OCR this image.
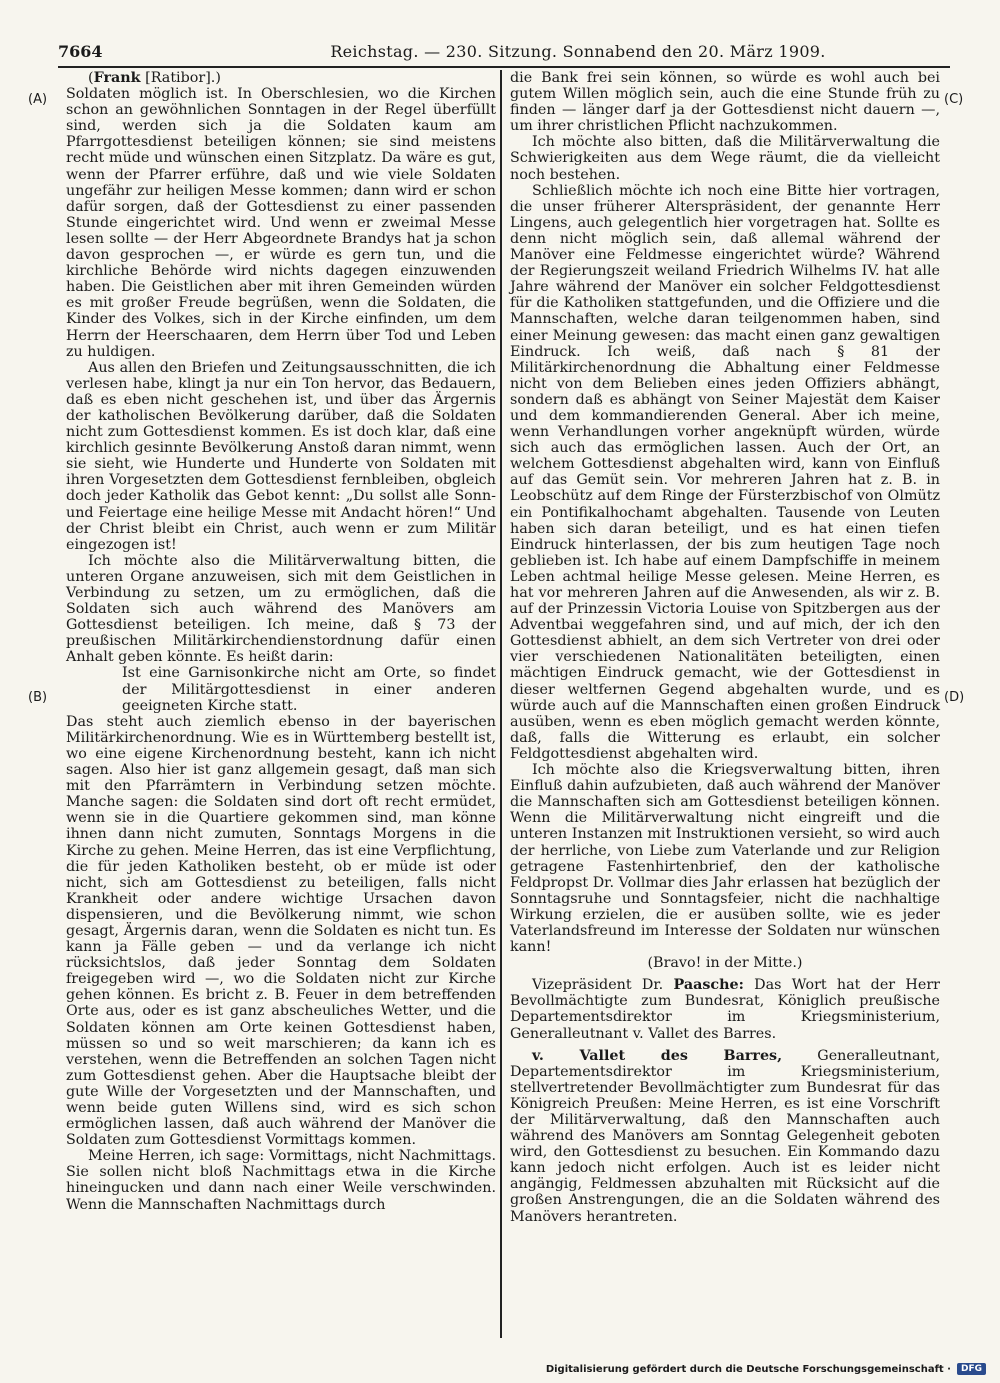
7664	Reichstag. — 230. Sitzung. Sonnabend den 20. März 1909.
(A)
(B)
(C)
(D)

(Frank [Ratibor].)

Soldaten möglich ist. In Oberschlesien, wo die Kirchen schon an gewöhnlichen Sonntagen in der Regel überfüllt sind, werden sich ja die Soldaten kaum am Pfarrgottesdienst beteiligen können; sie sind meistens recht müde und wünschen einen Sitzplatz. Da wäre es gut, wenn der Pfarrer erführe, daß und wie viele Soldaten ungefähr zur heiligen Messe kommen; dann wird er schon dafür sorgen, daß der Gottesdienst zu einer passenden Stunde eingerichtet wird. Und wenn er zweimal Messe lesen sollte — der Herr Abgeordnete Brandys hat ja schon davon gesprochen —, er würde es gern tun, und die kirchliche Behörde wird nichts dagegen einzuwenden haben. Die Geistlichen aber mit ihren Gemeinden würden es mit großer Freude begrüßen, wenn die Soldaten, die Kinder des Volkes, sich in der Kirche einfinden, um dem Herrn der Heerschaaren, dem Herrn über Tod und Leben zu huldigen.

Aus allen den Briefen und Zeitungsausschnitten, die ich verlesen habe, klingt ja nur ein Ton hervor, das Bedauern, daß es eben nicht geschehen ist, und über das Ärgernis der katholischen Bevölkerung darüber, daß die Soldaten nicht zum Gottesdienst kommen. Es ist doch klar, daß eine kirchlich gesinnte Bevölkerung Anstoß daran nimmt, wenn sie sieht, wie Hunderte und Hunderte von Soldaten mit ihren Vorgesetzten dem Gottesdienst fernbleiben, obgleich doch jeder Katholik das Gebot kennt: „Du sollst alle Sonn- und Feiertage eine heilige Messe mit Andacht hören!“ Und der Christ bleibt ein Christ, auch wenn er zum Militär eingezogen ist!

Ich möchte also die Militärverwaltung bitten, die unteren Organe anzuweisen, sich mit dem Geistlichen in Verbindung zu setzen, um zu ermöglichen, daß die Soldaten sich auch während des Manövers am Gottesdienst beteiligen. Ich meine, daß § 73 der preußischen Militärkirchendienstordnung dafür einen Anhalt geben könnte. Es heißt darin:

Ist eine Garnisonkirche nicht am Orte, so findet der Militärgottesdienst in einer anderen geeigneten Kirche statt.

Das steht auch ziemlich ebenso in der bayerischen Militärkirchenordnung. Wie es in Württemberg bestellt ist, wo eine eigene Kirchenordnung besteht, kann ich nicht sagen. Also hier ist ganz allgemein gesagt, daß man sich mit den Pfarrämtern in Verbindung setzen möchte. Manche sagen: die Soldaten sind dort oft recht ermüdet, wenn sie in die Quartiere gekommen sind, man könne ihnen dann nicht zumuten, Sonntags Morgens in die Kirche zu gehen. Meine Herren, das ist eine Verpflichtung, die für jeden Katholiken besteht, ob er müde ist oder nicht, sich am Gottesdienst zu beteiligen, falls nicht Krankheit oder andere wichtige Ursachen davon dispensieren, und die Bevölkerung nimmt, wie schon gesagt, Ärgernis daran, wenn die Soldaten es nicht tun. Es kann ja Fälle geben — und da verlange ich nicht rücksichtslos, daß jeder Sonntag dem Soldaten freigegeben wird —, wo die Soldaten nicht zur Kirche gehen können. Es bricht z. B. Feuer in dem betreffenden Orte aus, oder es ist ganz abscheuliches Wetter, und die Soldaten können am Orte keinen Gottesdienst haben, müssen so und so weit marschieren; da kann ich es verstehen, wenn die Betreffenden an solchen Tagen nicht zum Gottesdienst gehen. Aber die Hauptsache bleibt der gute Wille der Vorgesetzten und der Mannschaften, und wenn beide guten Willens sind, wird es sich schon ermöglichen lassen, daß auch während der Manöver die Soldaten zum Gottesdienst Vormittags kommen.

Meine Herren, ich sage: Vormittags, nicht Nachmittags. Sie sollen nicht bloß Nachmittags etwa in die Kirche hineingucken und dann nach einer Weile verschwinden. Wenn die Mannschaften Nachmittags durch

die Bank frei sein können, so würde es wohl auch bei gutem Willen möglich sein, auch die eine Stunde früh zu finden — länger darf ja der Gottesdienst nicht dauern —, um ihrer christlichen Pflicht nachzukommen.

Ich möchte also bitten, daß die Militärverwaltung die Schwierigkeiten aus dem Wege räumt, die da vielleicht noch bestehen.

Schließlich möchte ich noch eine Bitte hier vortragen, die unser früherer Alterspräsident, der genannte Herr Lingens, auch gelegentlich hier vorgetragen hat. Sollte es denn nicht möglich sein, daß allemal während der Manöver eine Feldmesse eingerichtet würde? Während der Regierungszeit weiland Friedrich Wilhelms IV. hat alle Jahre während der Manöver ein solcher Feldgottesdienst für die Katholiken stattgefunden, und die Offiziere und die Mannschaften, welche daran teilgenommen haben, sind einer Meinung gewesen: das macht einen ganz gewaltigen Eindruck. Ich weiß, daß nach § 81 der Militärkirchenordnung die Abhaltung einer Feldmesse nicht von dem Belieben eines jeden Offiziers abhängt, sondern daß es abhängt von Seiner Majestät dem Kaiser und dem kommandierenden General. Aber ich meine, wenn Verhandlungen vorher angeknüpft würden, würde sich auch das ermöglichen lassen. Auch der Ort, an welchem Gottesdienst abgehalten wird, kann von Einfluß auf das Gemüt sein. Vor mehreren Jahren hat z. B. in Leobschütz auf dem Ringe der Fürsterzbischof von Olmütz ein Pontifikalhochamt abgehalten. Tausende von Leuten haben sich daran beteiligt, und es hat einen tiefen Eindruck hinterlassen, der bis zum heutigen Tage noch geblieben ist. Ich habe auf einem Dampfschiffe in meinem Leben achtmal heilige Messe gelesen. Meine Herren, es hat vor mehreren Jahren auf die Anwesenden, als wir z. B. auf der Prinzessin Victoria Louise von Spitzbergen aus der Adventbai weggefahren sind, und auf mich, der ich den Gottesdienst abhielt, an dem sich Vertreter von drei oder vier verschiedenen Nationalitäten beteiligten, einen mächtigen Eindruck gemacht, wie der Gottesdienst in dieser weltfernen Gegend abgehalten wurde, und es würde auch auf die Mannschaften einen großen Eindruck ausüben, wenn es eben möglich gemacht werden könnte, daß, falls die Witterung es erlaubt, ein solcher Feldgottesdienst abgehalten wird.

Ich möchte also die Kriegsverwaltung bitten, ihren Einfluß dahin aufzubieten, daß auch während der Manöver die Mannschaften sich am Gottesdienst beteiligen können. Wenn die Militärverwaltung nicht eingreift und die unteren Instanzen mit Instruktionen versieht, so wird auch der herrliche, von Liebe zum Vaterlande und zur Religion getragene Fastenhirtenbrief, den der katholische Feldpropst Dr. Vollmar dies Jahr erlassen hat bezüglich der Sonntagsruhe und Sonntagsfeier, nicht die nachhaltige Wirkung erzielen, die er ausüben sollte, wie es jeder Vaterlandsfreund im Interesse der Soldaten nur wünschen kann!

(Bravo! in der Mitte.)

Vizepräsident Dr. Paasche: Das Wort hat der Herr Bevollmächtigte zum Bundesrat, Königlich preußische Departementsdirektor im Kriegsministerium, Generalleutnant v. Vallet des Barres.

v. Vallet des Barres, Generalleutnant, Departementsdirektor im Kriegsministerium, stellvertretender Bevollmächtigter zum Bundesrat für das Königreich Preußen: Meine Herren, es ist eine Vorschrift der Militärverwaltung, daß den Mannschaften auch während des Manövers am Sonntag Gelegenheit geboten wird, den Gottesdienst zu besuchen. Ein Kommando dazu kann jedoch nicht erfolgen. Auch ist es leider nicht angängig, Feldmessen abzuhalten mit Rücksicht auf die großen Anstrengungen, die an die Soldaten während des Manövers herantreten.

Digitalisierung gefördert durch die Deutsche Forschungsgemeinschaft ·	DFG
